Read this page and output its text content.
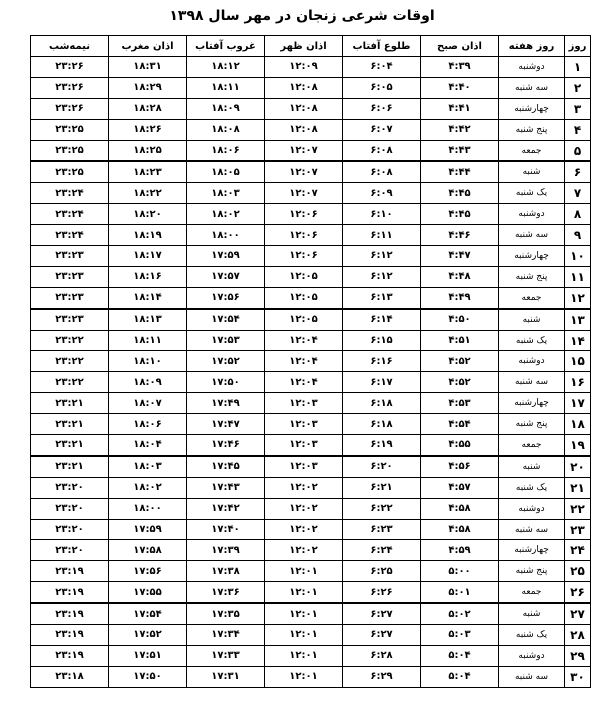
اوقات شرعی زنجان در مهر سال ۱۳۹۸
روز	روز هفته	اذان صبح	طلوع آفتاب	اذان ظهر	غروب آفتاب	اذان مغرب	نیمه‌شب
۱	دوشنبه	۴:۳۹	۶:۰۴	۱۲:۰۹	۱۸:۱۲	۱۸:۳۱	۲۳:۲۶
۲	سه شنبه	۴:۴۰	۶:۰۵	۱۲:۰۸	۱۸:۱۱	۱۸:۲۹	۲۳:۲۶
۳	چهارشنبه	۴:۴۱	۶:۰۶	۱۲:۰۸	۱۸:۰۹	۱۸:۲۸	۲۳:۲۶
۴	پنج شنبه	۴:۴۲	۶:۰۷	۱۲:۰۸	۱۸:۰۸	۱۸:۲۶	۲۳:۲۵
۵	جمعه	۴:۴۳	۶:۰۸	۱۲:۰۷	۱۸:۰۶	۱۸:۲۵	۲۳:۲۵
۶	شنبه	۴:۴۴	۶:۰۸	۱۲:۰۷	۱۸:۰۵	۱۸:۲۳	۲۳:۲۵
۷	یک شنبه	۴:۴۵	۶:۰۹	۱۲:۰۷	۱۸:۰۳	۱۸:۲۲	۲۳:۲۴
۸	دوشنبه	۴:۴۵	۶:۱۰	۱۲:۰۶	۱۸:۰۲	۱۸:۲۰	۲۳:۲۴
۹	سه شنبه	۴:۴۶	۶:۱۱	۱۲:۰۶	۱۸:۰۰	۱۸:۱۹	۲۳:۲۴
۱۰	چهارشنبه	۴:۴۷	۶:۱۲	۱۲:۰۶	۱۷:۵۹	۱۸:۱۷	۲۳:۲۳
۱۱	پنج شنبه	۴:۴۸	۶:۱۲	۱۲:۰۵	۱۷:۵۷	۱۸:۱۶	۲۳:۲۳
۱۲	جمعه	۴:۴۹	۶:۱۳	۱۲:۰۵	۱۷:۵۶	۱۸:۱۴	۲۳:۲۳
۱۳	شنبه	۴:۵۰	۶:۱۴	۱۲:۰۵	۱۷:۵۴	۱۸:۱۳	۲۳:۲۳
۱۴	یک شنبه	۴:۵۱	۶:۱۵	۱۲:۰۴	۱۷:۵۳	۱۸:۱۱	۲۳:۲۲
۱۵	دوشنبه	۴:۵۲	۶:۱۶	۱۲:۰۴	۱۷:۵۲	۱۸:۱۰	۲۳:۲۲
۱۶	سه شنبه	۴:۵۲	۶:۱۷	۱۲:۰۴	۱۷:۵۰	۱۸:۰۹	۲۳:۲۲
۱۷	چهارشنبه	۴:۵۳	۶:۱۸	۱۲:۰۳	۱۷:۴۹	۱۸:۰۷	۲۳:۲۱
۱۸	پنج شنبه	۴:۵۴	۶:۱۸	۱۲:۰۳	۱۷:۴۷	۱۸:۰۶	۲۳:۲۱
۱۹	جمعه	۴:۵۵	۶:۱۹	۱۲:۰۳	۱۷:۴۶	۱۸:۰۴	۲۳:۲۱
۲۰	شنبه	۴:۵۶	۶:۲۰	۱۲:۰۳	۱۷:۴۵	۱۸:۰۳	۲۳:۲۱
۲۱	یک شنبه	۴:۵۷	۶:۲۱	۱۲:۰۲	۱۷:۴۳	۱۸:۰۲	۲۳:۲۰
۲۲	دوشنبه	۴:۵۸	۶:۲۲	۱۲:۰۲	۱۷:۴۲	۱۸:۰۰	۲۳:۲۰
۲۳	سه شنبه	۴:۵۸	۶:۲۳	۱۲:۰۲	۱۷:۴۰	۱۷:۵۹	۲۳:۲۰
۲۴	چهارشنبه	۴:۵۹	۶:۲۴	۱۲:۰۲	۱۷:۳۹	۱۷:۵۸	۲۳:۲۰
۲۵	پنج شنبه	۵:۰۰	۶:۲۵	۱۲:۰۱	۱۷:۳۸	۱۷:۵۶	۲۳:۱۹
۲۶	جمعه	۵:۰۱	۶:۲۶	۱۲:۰۱	۱۷:۳۶	۱۷:۵۵	۲۳:۱۹
۲۷	شنبه	۵:۰۲	۶:۲۷	۱۲:۰۱	۱۷:۳۵	۱۷:۵۴	۲۳:۱۹
۲۸	یک شنبه	۵:۰۳	۶:۲۷	۱۲:۰۱	۱۷:۳۴	۱۷:۵۲	۲۳:۱۹
۲۹	دوشنبه	۵:۰۴	۶:۲۸	۱۲:۰۱	۱۷:۳۳	۱۷:۵۱	۲۳:۱۹
۳۰	سه شنبه	۵:۰۴	۶:۲۹	۱۲:۰۱	۱۷:۳۱	۱۷:۵۰	۲۳:۱۸
